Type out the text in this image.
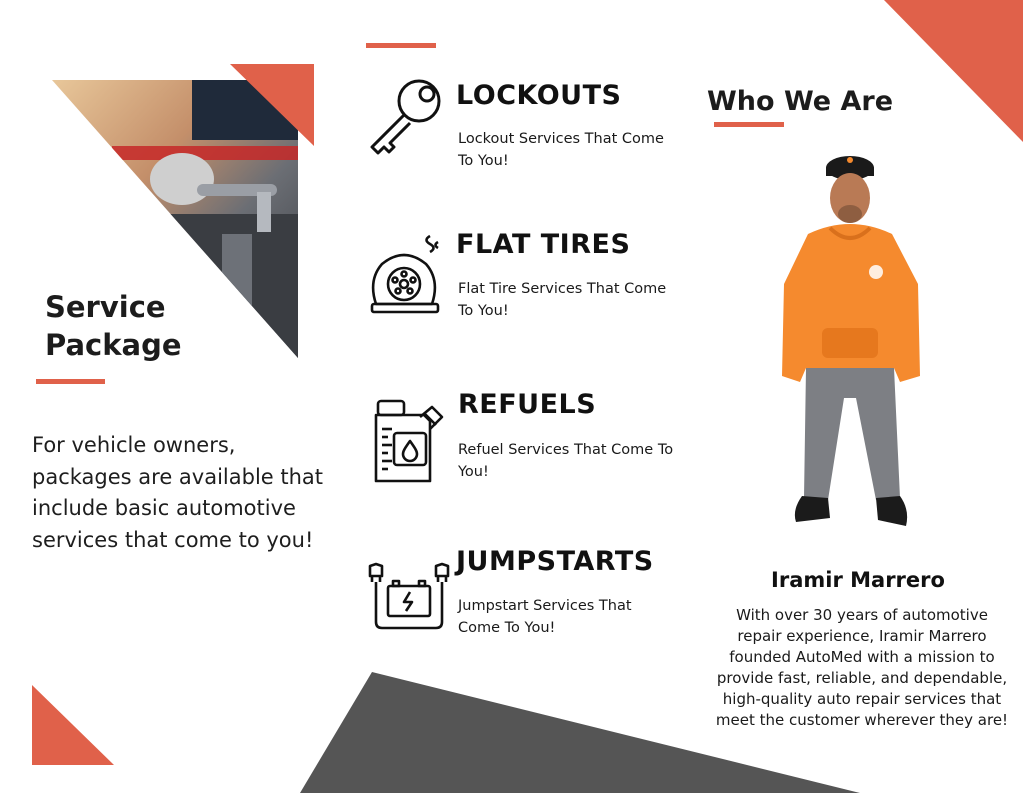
Service
Package
For vehicle owners, packages are available that include basic automotive services that come to you!
LOCKOUTS
Lockout Services That Come To You!
FLAT TIRES
Flat Tire Services That Come To You!
REFUELS
Refuel Services That Come To You!
JUMPSTARTS
Jumpstart Services That Come To You!
Who We Are
Iramir Marrero
With over 30 years of automotive repair experience, Iramir Marrero founded AutoMed with a mission to provide fast, reliable, and dependable, high-quality auto repair services that meet the customer wherever they are!
